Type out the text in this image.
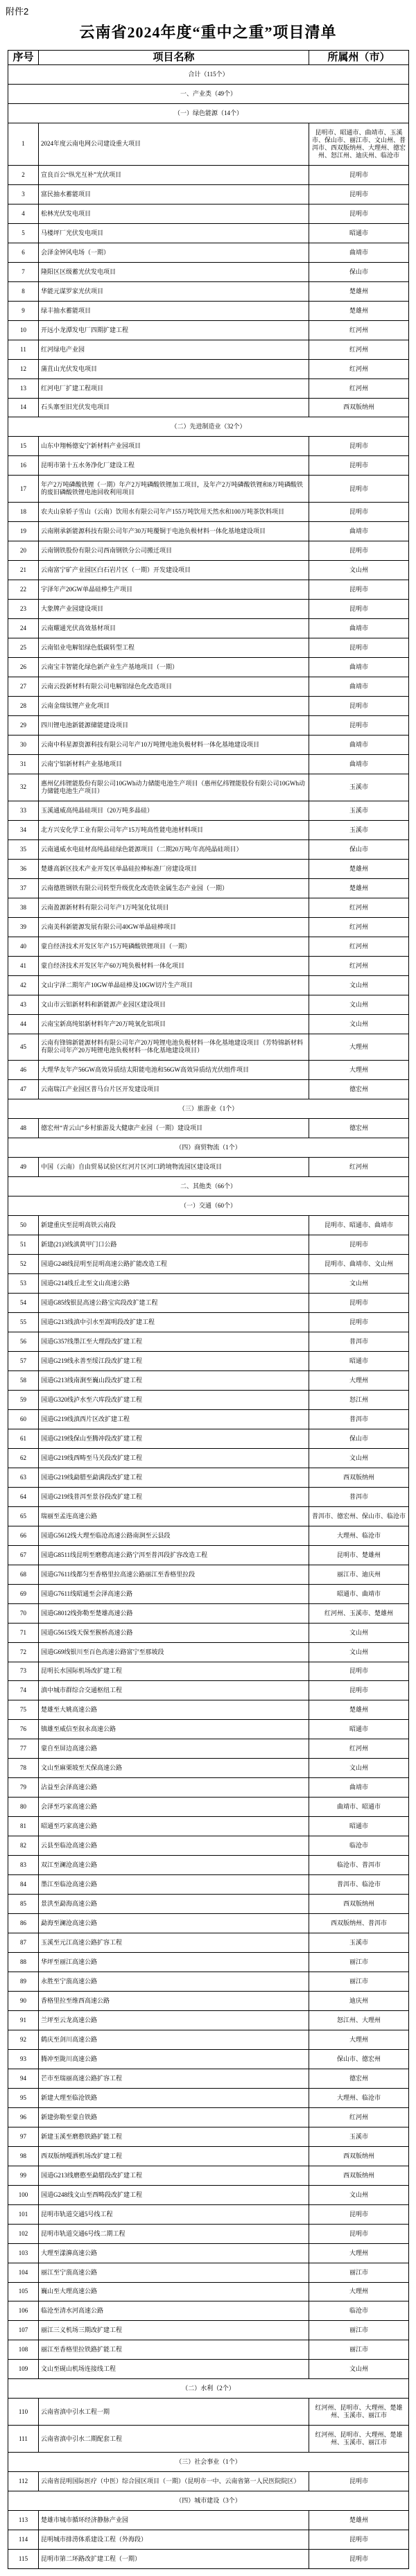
附件2
云南省2024年度“重中之重”项目清单
序号	项目名称	所属州（市）
合计（115个）		
一、产业类（49个）		
（一）绿色能源（14个）		
1	2024年度云南电网公司建设重大项目	昆明市、昭通市、曲靖市、玉溪市、保山市、丽江市、文山州、普洱市、西双版纳州、大理州、德宏州、怒江州、迪庆州、临沧市
2	宣良百公“纵光互补”光伏项目	昆明市
3	富民抽水蓄能项目	昆明市
4	松林光伏发电项目	昆明市
5	马楼坪厂光伏发电项目	昭通市
6	会泽金钟风电场（一期）	曲靖市
7	隆阳区区级蓄光伏发电项目	保山市
8	华能元谋罗家光伏项目	楚雄州
9	绿丰抽水蓄能项目	楚雄州
10	开远小龙潭发电厂四期扩建工程	红河州
11	红河绿电产业园	红河州
12	蒲苴山光伏发电项目	红河州
13	红河电厂扩建工程项目	红河州
14	石头寨至旧光伏发电项目	西双版纳州
（二）先进制造业（32个）		
15	山东中翔畅德安宁新材料产业园项目	昆明市
16	昆明市第十五水务净化厂建设工程	昆明市
17	年产2万吨磷酸铁锂（一期）年产2万吨磷酸铁锂加工项目，及年产2万吨磷酸铁锂和8万吨磷酸铁的废旧磷酸铁锂电池回收利用项目	昆明市
18	农夫山泉轿子雪山（云南）饮用水有限公司年产155万吨饮用天然水和100万吨茶饮料项目	昆明市
19	云南刚承新能源科技有限公司年产30万吨覆铜于电池负极材料一体化基地建设项目	曲靖市
20	云南钢铁股份有限公司西南钢铁分公司搬迁项目	昆明市
21	云南富宁矿产业园区白石岩片区（一期）开发建设项目	文山州
22	宇泽年产20GW单晶硅棒生产项目	昆明市
23	大象牌产业园建设项目	昆明市
24	云南耀通光伏高效基材项目	曲靖市
25	云南铝业电解铝绿色低碳转型工程	昆明市
26	云南宝丰智能化绿色新产业生产基地项目（一期）	曲靖市
27	云南云投新材料有限公司电解铝绿色化改造项目	曲靖市
28	云南金瑞钛锂产业化项目	昆明市
29	四川锂电池新能源储能建设项目	昆明市
30	云南中科星源资源科技有限公司年产10万吨锂电池负极材料一体化基地建设项目	曲靖市
31	云南宁铝新材料产业基地项目	曲靖市
32	惠州亿纬锂能股份有限公司10GWh动力储能电池生产项目（惠州亿纬锂能股份有限公司10GWh动力储能电池生产项目）	玉溪市
33	玉溪通威高纯晶硅项目（20万吨多晶硅）	玉溪市
34	北方兴安化学工业有限公司年产15万吨高性能电池材料项目	玉溪市
35	云南通威水电硅材高纯晶硅绿色能源项目（二期20万吨/年高纯晶硅项目）	保山市
36	楚雄高新区技术产业开发区单晶硅拉棒标准厂房建设项目	楚雄州
37	云南德胜钢铁有限公司转型升级优化改造铁金属生态产业园（一期）	楚雄州
38	云南盈源新材料有限公司年产1万吨氢化钛项目	红河州
39	云南美科新能源发展有限公司40GW单晶硅棒项目	红河州
40	蒙自经济技术开发区年产15万吨磷酸铁锂项目（一期）	红河州
41	蒙自经济技术开发区年产60万吨负极材料一体化项目	红河州
42	文山宇泽二期年产10GW单晶硅棒及10GW切片生产项目	文山州
43	文山市云铝新材料和新能源产业园区建设项目	文山州
44	云南宝新高纯铝新材料年产20万吨氧化铝项目	文山州
45	云南有锋锦新能源材料有限公司年产20万吨锂电池负极材料一体化基地建设项目（芳特锦新材料有限公司年产20万吨锂电池负极材料一体化基地建设项目）	大理州
46	大理华友年产56GW高效异质结太阳能电池和56GW高效异质结光伏组件项目	大理州
47	云南瑞江产业园区普马台片区开发建设项目	德宏州
（三）旅游业（1个）		
48	德宏州“青云山”乡村旅游及大健康产业园（一期）建设项目	德宏州
（四）商贸物流（1个）		
49	中国（云南）自由贸易试验区红河片区河口跨境物流园区建设项目	红河州
二、其他类（66个）		
（一）交通（60个）		
50	新建重庆至昆明高铁云南段	昆明市、昭通市、曲靖市
51	新建(21)3线滇黄甲门口公路	昆明市
52	国道G248线昆明至昆明高速公路扩能改造工程	昆明市、曲靖市、文山州
53	国道G214线丘北至文山高速公路	文山州
54	国道G85线银昆高速公路宝宾段改扩建工程	昆明市
55	国道G213线滇中引水至嵩明段改扩建工程	昆明市
56	国道G357线墨江至大理段改扩建工程	普洱市
57	国道G219线永善至绥江段改扩建工程	昭通市
58	国道G213线南涧至巍山段改扩建工程	大理州
59	国道G320线泸水至六库段改扩建工程	怒江州
60	国道G219线滇西片区改扩建工程	普洱市
61	国道G219线保山至腾冲段改扩建工程	保山市
62	国道G219线西畴至马关段改扩建工程	文山州
63	国道G219线勐腊至勐满段改扩建工程	西双版纳州
64	国道G219线普洱至景谷段改扩建工程	普洱市
65	瑞丽至孟连高速公路	普洱市、德宏州、保山市、临沧市
66	国道G5612线大理至临沧高速公路南涧至云县段	大理州、临沧市
67	国道G8511线昆明至磨憨高速公路宁洱至普洱段扩容改造工程	昆明市、楚雄州
68	国道G7611线都匀至香格里拉高速公路丽江至香格里拉段	丽江市、迪庆州
69	国道G7611线昭通至会泽高速公路	昭通市、曲靖市
70	国道G8012线弥勒至楚雄高速公路	红河州、玉溪市、楚雄州
71	国道G5615线天保至猴桥高速公路	文山州
72	国道G69线银川至百色高速公路富宁至那坡段	文山州
73	昆明长水国际机场改扩建工程	昆明市
74	滇中城市群综合交通枢纽工程	昆明市
75	楚雄至大姚高速公路	楚雄州
76	镇雄至威信至叙永高速公路	昭通市
77	蒙自至屏边高速公路	红河州
78	文山至麻栗坡至天保高速公路	文山州
79	沾益至会泽高速公路	曲靖市
80	会泽至巧家高速公路	曲靖市、昭通市
81	昭通至巧家高速公路	昭通市
82	云县至临沧高速公路	临沧市
83	双江至澜沧高速公路	临沧市、普洱市
84	墨江至临沧高速公路	普洱市、临沧市
85	景洪至勐海高速公路	西双版纳州
86	勐海至澜沧高速公路	西双版纳州、普洱市
87	玉溪至元江高速公路扩容工程	玉溪市
88	华坪至丽江高速公路	丽江市
89	永胜至宁蒗高速公路	丽江市
90	香格里拉至维西高速公路	迪庆州
91	兰坪至云龙高速公路	怒江州、大理州
92	鹤庆至剑川高速公路	大理州
93	腾冲至陇川高速公路	保山市、德宏州
94	芒市至瑞丽高速公路扩容工程	德宏州
95	新建大理至临沧铁路	大理州、临沧市
96	新建弥勒至蒙自铁路	红河州
97	新建玉溪至磨憨铁路扩能工程	玉溪市
98	西双版纳嘎洒机场改扩建工程	西双版纳州
99	国道G213线磨憨至勐腊段改扩建工程	西双版纳州
100	国道G248线文山至西畴段改扩建工程	文山州
101	昆明市轨道交通5号线工程	昆明市
102	昆明市轨道交通6号线二期工程	昆明市
103	大理至漾濞高速公路	大理州
104	丽江至宁蒗高速公路	丽江市
105	巍山至大理高速公路	大理州
106	临沧至清水河高速公路	临沧市
107	丽江三义机场三期改扩建工程	丽江市
108	丽江至香格里拉铁路扩能工程	丽江市
109	文山至砚山机场连接线工程	文山州
（二）水利（2个）		
110	云南省滇中引水工程一期	红河州、昆明市、大理州、楚雄州、玉溪市、丽江市
111	云南省滇中引水二期配套工程	红河州、昆明市、大理州、楚雄州、玉溪市、丽江市
（三）社会事业（1个）		
112	云南省昆明国际医疗（中医）综合园区项目（一期）（昆明市一中、云南省第一人民医院院区）	昆明市
（四）城市建设（3个）		
113	楚雄市城市循环经济静脉产业园	楚雄州
114	昆明城市排涝体系建设工程（外海段）	昆明市
115	昆明市第二环路改扩建工程（一期）	昆明市
